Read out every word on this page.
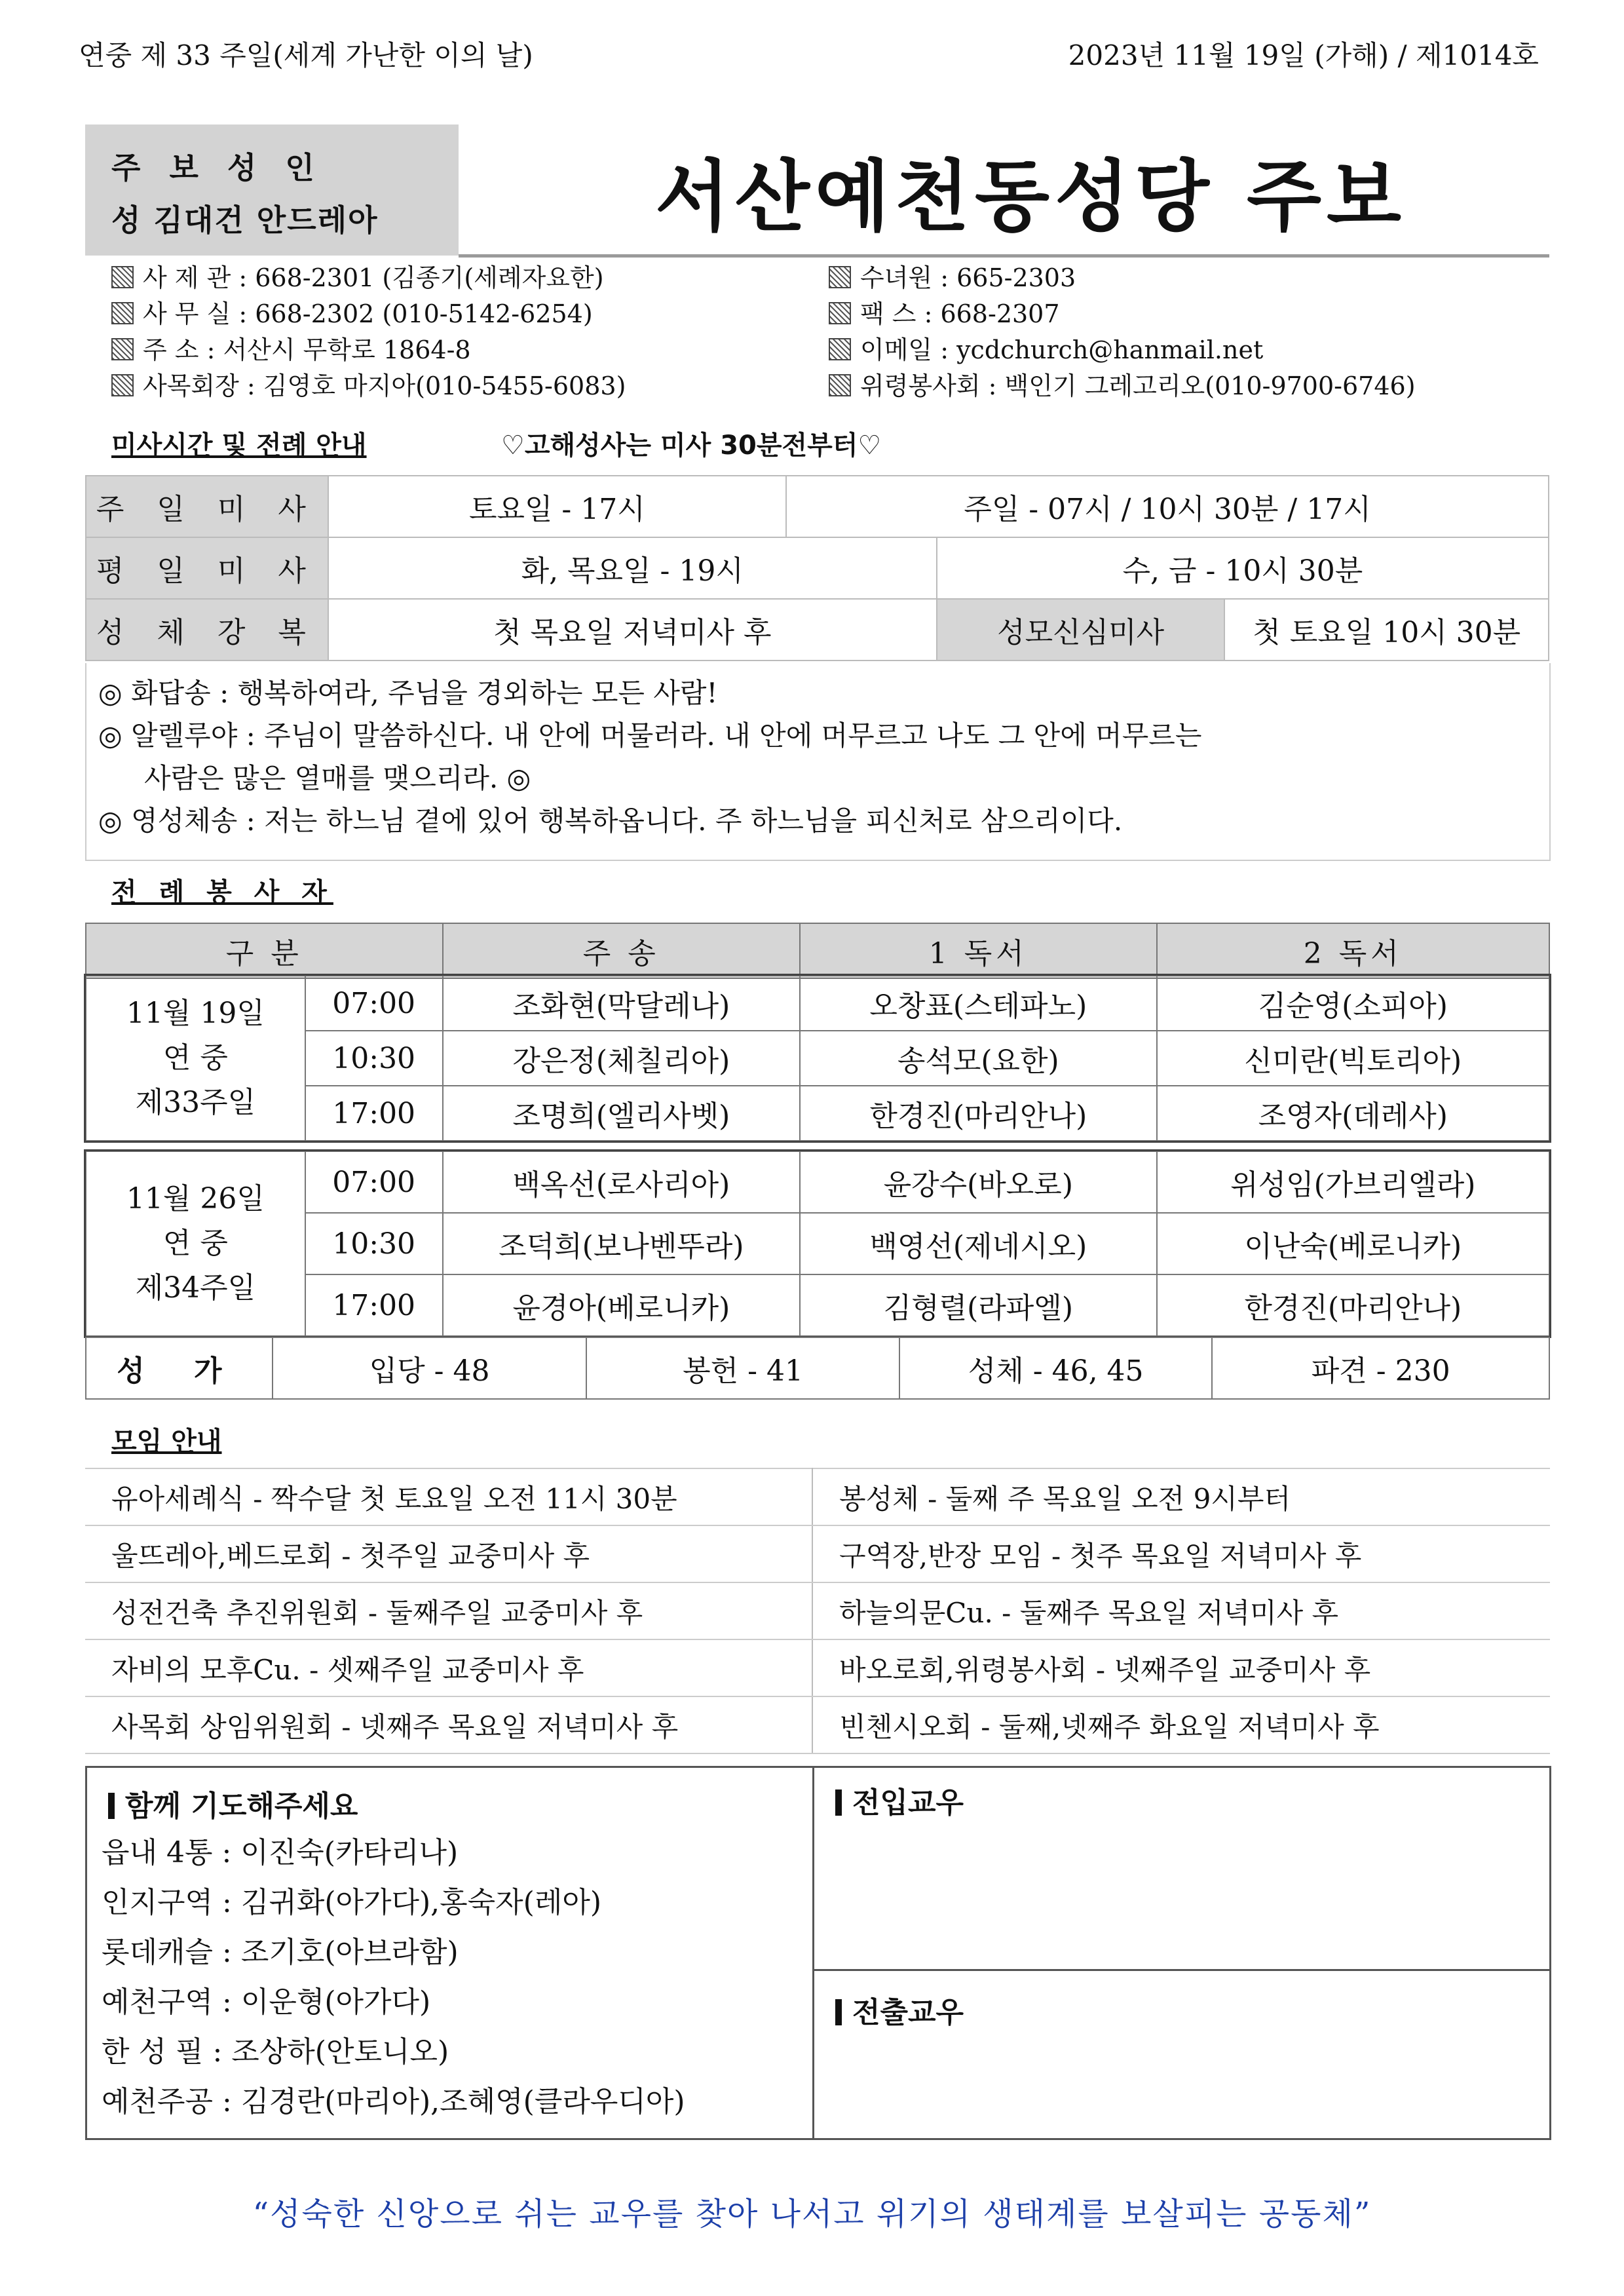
연중 제 33 주일(세계 가난한 이의 날)	2023년 11월 19일 (가해) / 제1014호
주 보 성 인
성 김대건 안드레아	서산예천동성당 주보
사 제 관 : 668-2301 (김종기(세례자요한)
사 무 실 : 668-2302 (010-5142-6254)
주 소 : 서산시 무학로 1864-8
사목회장 : 김영호 마지아(010-5455-6083)
수녀원 : 665-2303
팩 스 : 668-2307
이메일 : ycdchurch@hanmail.net
위령봉사회 : 백인기 그레고리오(010-9700-6746)
미사시간 및 전례 안내	♡고해성사는 미사 30분전부터♡
주 일 미 사	토요일 - 17시	주일 - 07시 / 10시 30분 / 17시		
평 일 미 사	화, 목요일 - 19시		수, 금 - 10시 30분	
성 체 강 복	첫 목요일 저녁미사 후		성모신심미사	첫 토요일 10시 30분
◎ 화답송 : 행복하여라, 주님을 경외하는 모든 사람!
◎ 알렐루야 : 주님이 말씀하신다. 내 안에 머물러라. 내 안에 머무르고 나도 그 안에 머무르는
사람은 많은 열매를 맺으리라. ◎
◎ 영성체송 : 저는 하느님 곁에 있어 행복하옵니다. 주 하느님을 피신처로 삼으리이다.
전 례 봉 사 자
구 분	주 송	1 독서	2 독서
11월 19일
연 중
제33주일	07:00	조화현(막달레나)	오창표(스테파노)	김순영(소피아)
	10:30	강은정(체칠리아)	송석모(요한)	신미란(빅토리아)
	17:00	조명희(엘리사벳)	한경진(마리안나)	조영자(데레사)
11월 26일
연 중
제34주일	07:00	백옥선(로사리아)	윤강수(바오로)	위성임(가브리엘라)
	10:30	조덕희(보나벤뚜라)	백영선(제네시오)	이난숙(베로니카)
	17:00	윤경아(베로니카)	김형렬(라파엘)	한경진(마리안나)
성 가	입당 - 48	봉헌 - 41	성체 - 46, 45	파견 - 230
모임 안내
유아세례식 - 짝수달 첫 토요일 오전 11시 30분	봉성체 - 둘째 주 목요일 오전 9시부터
울뜨레아,베드로회 - 첫주일 교중미사 후	구역장,반장 모임 - 첫주 목요일 저녁미사 후
성전건축 추진위원회 - 둘째주일 교중미사 후	하늘의문Cu. - 둘째주 목요일 저녁미사 후
자비의 모후Cu. - 셋째주일 교중미사 후	바오로회,위령봉사회 - 넷째주일 교중미사 후
사목회 상임위원회 - 넷째주 목요일 저녁미사 후	빈첸시오회 - 둘째,넷째주 화요일 저녁미사 후
함께 기도해주세요
읍내 4통 : 이진숙(카타리나)
인지구역 : 김귀화(아가다),홍숙자(레아)
롯데캐슬 : 조기호(아브라함)
예천구역 : 이운형(아가다)
한 성 필 : 조상하(안토니오)
예천주공 : 김경란(마리아),조혜영(클라우디아)
전입교우
전출교우
“성숙한 신앙으로 쉬는 교우를 찾아 나서고 위기의 생태계를 보살피는 공동체”
